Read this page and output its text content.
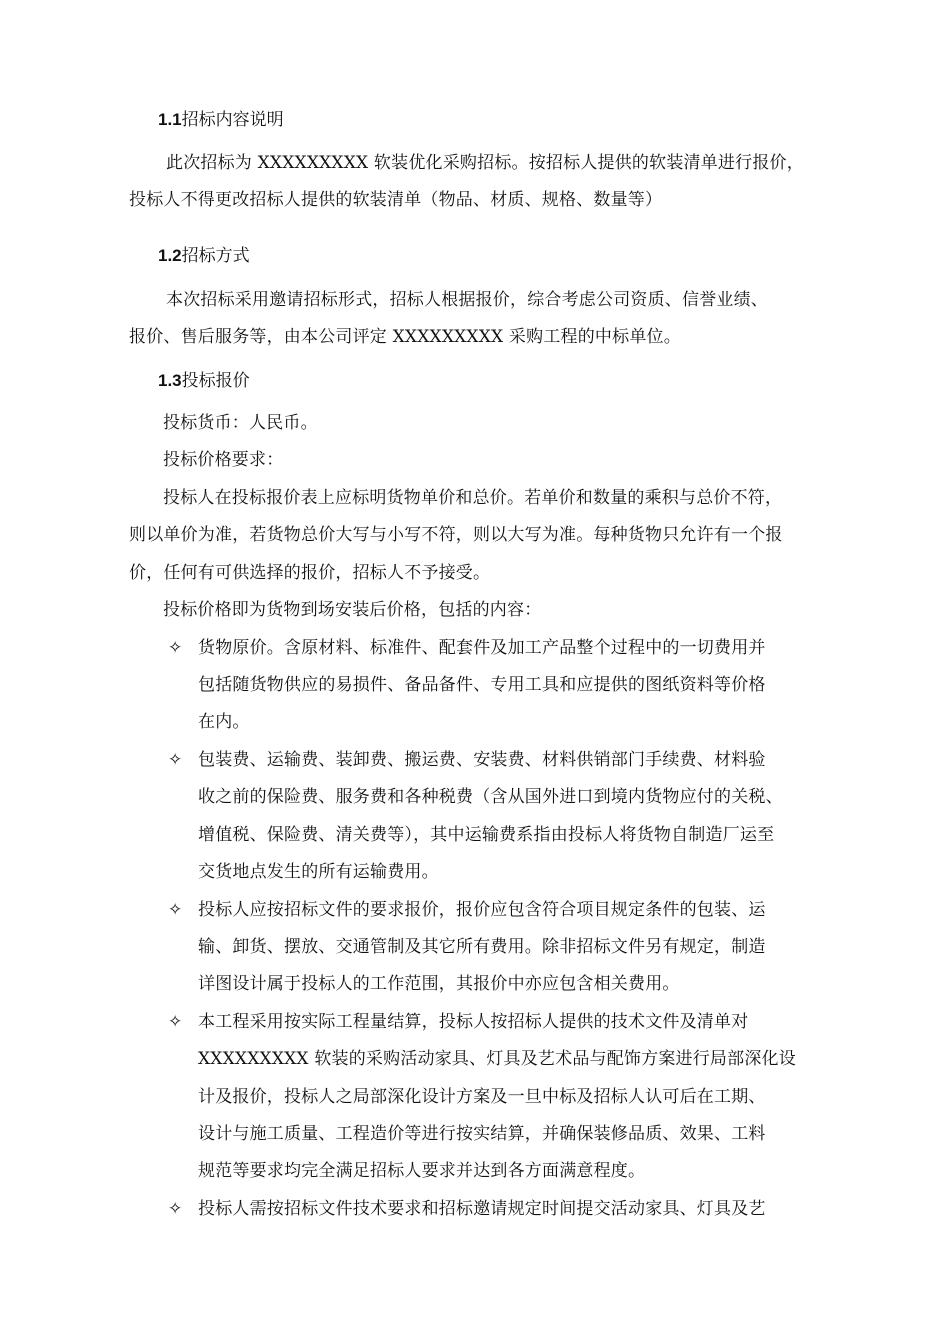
1.1招标内容说明
此次招标为 XXXXXXXXX 软装优化采购招标。按招标人提供的软装清单进行报价，
投标人不得更改招标人提供的软装清单（物品、材质、规格、数量等）
1.2招标方式
本次招标采用邀请招标形式，招标人根据报价，综合考虑公司资质、信誉业绩、
报价、售后服务等，由本公司评定 XXXXXXXXX 采购工程的中标单位。
1.3投标报价
投标货币：人民币。
投标价格要求：
投标人在投标报价表上应标明货物单价和总价。若单价和数量的乘积与总价不符，
则以单价为准，若货物总价大写与小写不符，则以大写为准。每种货物只允许有一个报
价，任何有可供选择的报价，招标人不予接受。
投标价格即为货物到场安装后价格，包括的内容：
✧ 货物原价。含原材料、标准件、配套件及加工产品整个过程中的一切费用并
包括随货物供应的易损件、备品备件、专用工具和应提供的图纸资料等价格
在内。
✧ 包装费、运输费、装卸费、搬运费、安装费、材料供销部门手续费、材料验
收之前的保险费、服务费和各种税费（含从国外进口到境内货物应付的关税、
增值税、保险费、清关费等），其中运输费系指由投标人将货物自制造厂运至
交货地点发生的所有运输费用。
✧ 投标人应按招标文件的要求报价，报价应包含符合项目规定条件的包装、运
输、卸货、摆放、交通管制及其它所有费用。除非招标文件另有规定，制造
详图设计属于投标人的工作范围，其报价中亦应包含相关费用。
✧ 本工程采用按实际工程量结算，投标人按招标人提供的技术文件及清单对
XXXXXXXXX 软装的采购活动家具、灯具及艺术品与配饰方案进行局部深化设
计及报价，投标人之局部深化设计方案及一旦中标及招标人认可后在工期、
设计与施工质量、工程造价等进行按实结算，并确保装修品质、效果、工料
规范等要求均完全满足招标人要求并达到各方面满意程度。
✧ 投标人需按招标文件技术要求和招标邀请规定时间提交活动家具、灯具及艺
